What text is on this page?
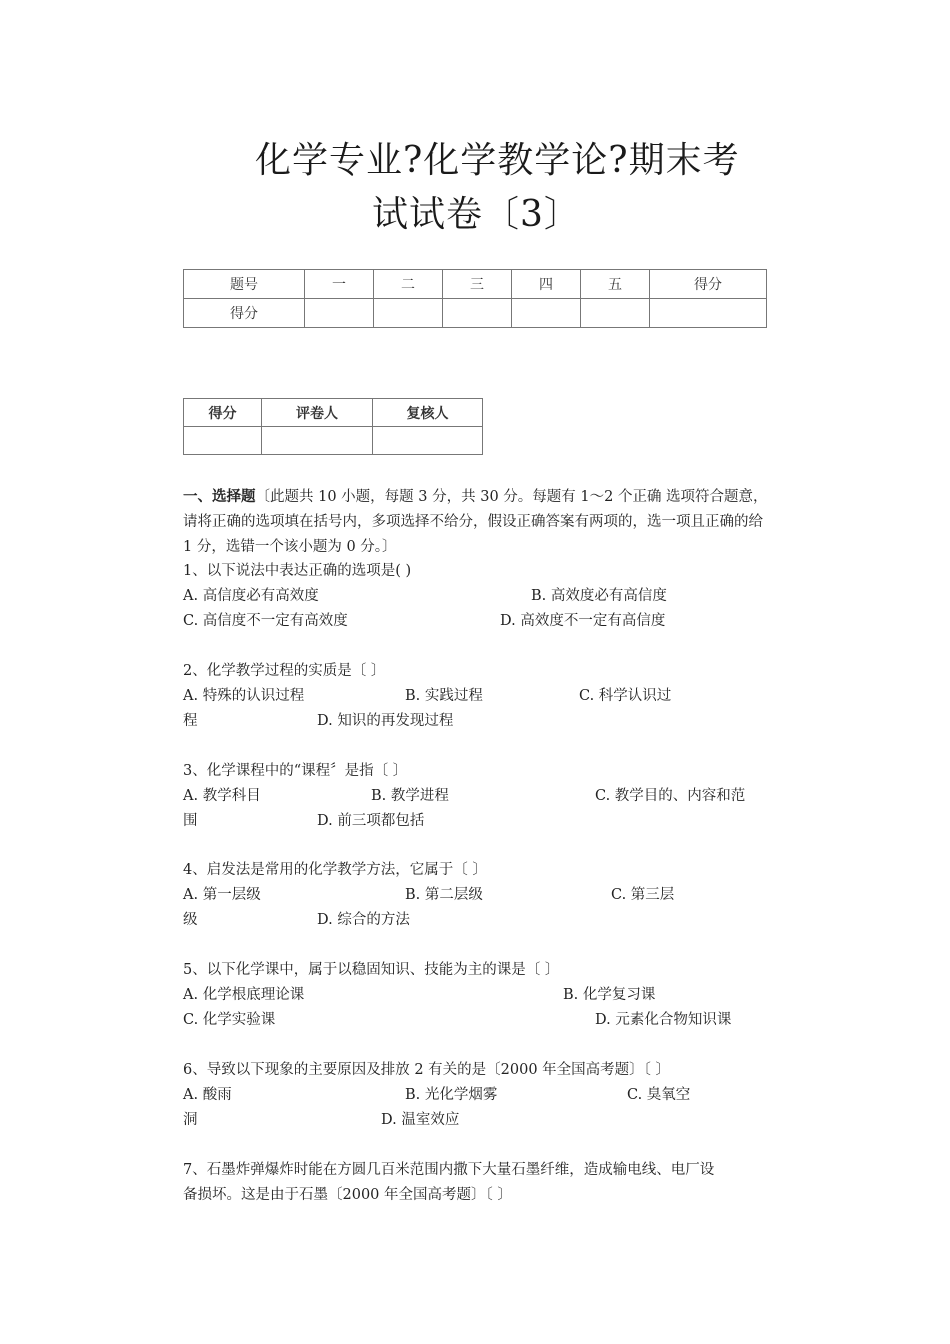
化学专业?化学教学论?期末考
试试卷〔3〕
题号	一	二	三	四	五	得分
得分						
得分	评卷人	复核人

一、选择题〔此题共 10 小题，每题 3 分，共 30 分。每题有 1～2 个正确 选项符合题意，请将正确的选项填在括号内，多项选择不给分，假设正确答案有两项的，选一项且正确的给 1 分，选错一个该小题为 0 分。〕
1、以下说法中表达正确的选项是( )
A. 高信度必有高效度	B. 高效度必有高信度
C. 高信度不一定有高效度	D. 高效度不一定有高信度
2、化学教学过程的实质是〔 〕
A. 特殊的认识过程	B. 实践过程	C. 科学认识过
程	D. 知识的再发现过程
3、化学课程中的“课程〞是指〔 〕
A. 教学科目	B. 教学进程	C. 教学目的、内容和范
围	D. 前三项都包括
4、启发法是常用的化学教学方法，它属于〔 〕
A. 第一层级	B. 第二层级	C. 第三层
级	D. 综合的方法
5、以下化学课中，属于以稳固知识、技能为主的课是〔 〕
A. 化学根底理论课	B. 化学复习课
C. 化学实验课	D. 元素化合物知识课
6、导致以下现象的主要原因及排放 2 有关的是〔2000 年全国高考题〕〔 〕
A. 酸雨	B. 光化学烟雾	C. 臭氧空
洞	D. 温室效应
7、石墨炸弹爆炸时能在方圆几百米范围内撒下大量石墨纤维，造成输电线、电厂设
备损坏。这是由于石墨〔2000 年全国高考题〕〔 〕
